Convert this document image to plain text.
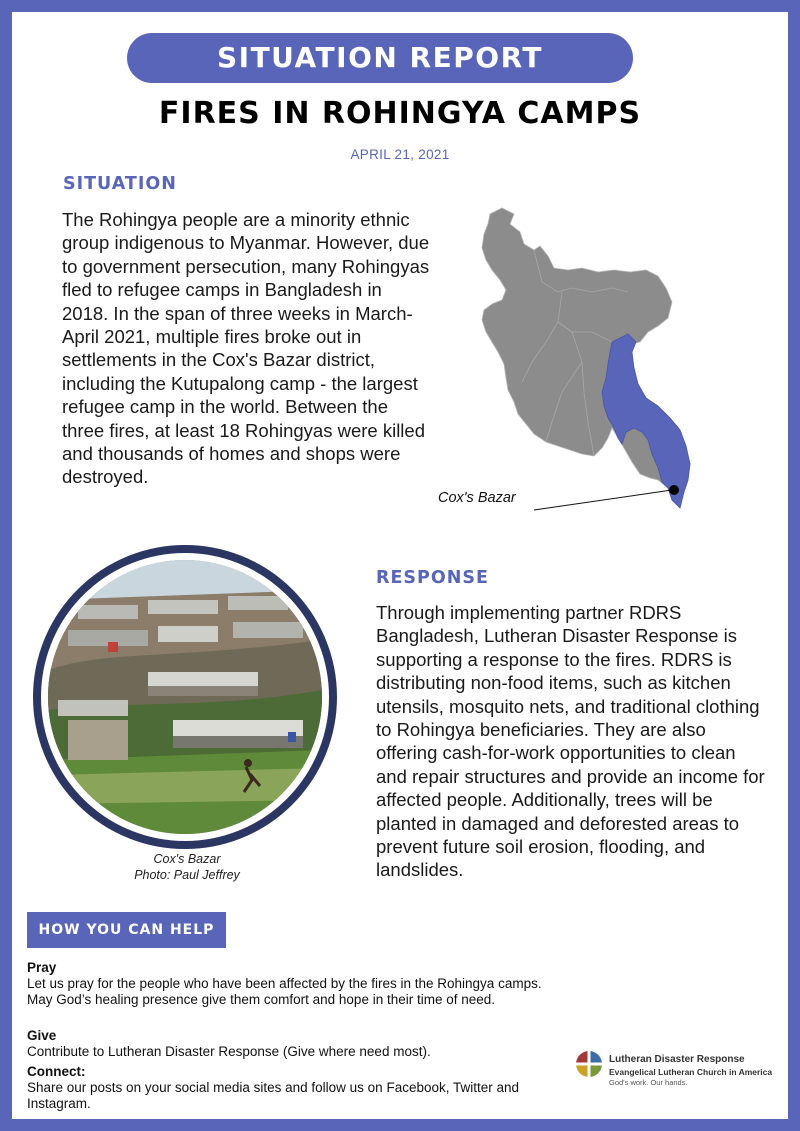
SITUATION REPORT
FIRES IN ROHINGYA CAMPS
APRIL 21, 2021
SITUATION
The Rohingya people are a minority ethnic group indigenous to Myanmar. However, due to government persecution, many Rohingyas fled to refugee camps in Bangladesh in 2018. In the span of three weeks in March-April 2021, multiple fires broke out in settlements in the Cox's Bazar district, including the Kutupalong camp - the largest refugee camp in the world. Between the three fires, at least 18 Rohingyas were killed and thousands of homes and shops were destroyed.
Cox's Bazar
Cox's Bazar
Photo: Paul Jeffrey
RESPONSE
Through implementing partner RDRS Bangladesh, Lutheran Disaster Response is supporting a response to the fires. RDRS is distributing non-food items, such as kitchen utensils, mosquito nets, and traditional clothing to Rohingya beneficiaries. They are also offering cash-for-work opportunities to clean and repair structures and provide an income for affected people. Additionally, trees will be planted in damaged and deforested areas to prevent future soil erosion, flooding, and landslides.
HOW YOU CAN HELP
Pray
Let us pray for the people who have been affected by the fires in the Rohingya camps. May God’s healing presence give them comfort and hope in their time of need.
Give
Contribute to Lutheran Disaster Response (Give where need most).
Connect:
Share our posts on your social media sites and follow us on Facebook, Twitter and Instagram.
Lutheran Disaster Response
Evangelical Lutheran Church in America
God's work. Our hands.
